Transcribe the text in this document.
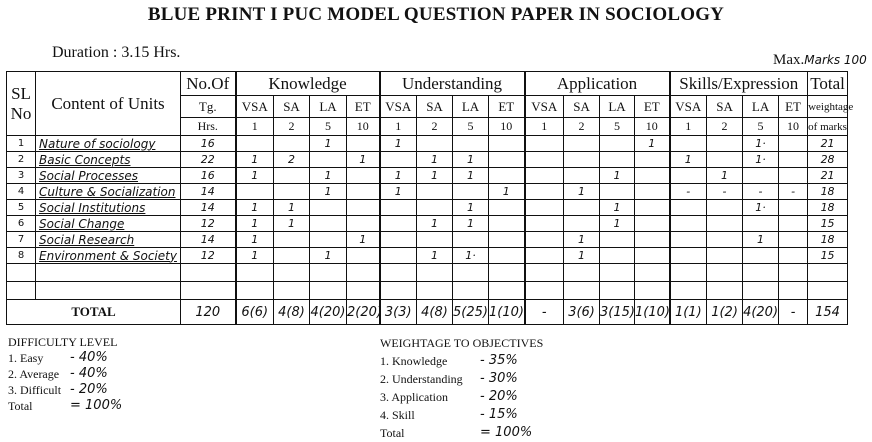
BLUE PRINT I PUC MODEL QUESTION PAPER IN SOCIOLOGY
Duration : 3.15 Hrs.	Max.Marks 100
SL
No	Content of Units	No.Of	Knowledge				Understanding				Application				Skills/Expression				Total
		Tg.	VSA	SA	LA	ET	VSA	SA	LA	ET	VSA	SA	LA	ET	VSA	SA	LA	ET	weightage
		Hrs.	1	2	5	10	1	2	5	10	1	2	5	10	1	2	5	10	of marks
1	Nature of sociology	16			1		1							1			1·		21
2	Basic Concepts	22	1	2		1		1	1						1		1·		28
3	Social Processes	16	1		1		1	1	1				1			1			21
4	Culture & Socialization	14			1		1			1		1			-	-	-	-	18
5	Social Institutions	14	1	1					1				1				1·		18
6	Social Change	12	1	1				1	1				1						15
7	Social Research	14	1			1						1					1		18
8	Environment & Society	12	1		1			1	1·			1							15

TOTAL		120	6(6)	4(8)	4(20)	2(20)	3(3)	4(8)	5(25)	1(10)	-	3(6)	3(15)	1(10)	1(1)	1(2)	4(20)	-	154
DIFFICULTY LEVEL
1. Easy	- 40%
2. Average - 40%
3. Difficult - 20%
Total	= 100%
WEIGHTAGE TO OBJECTIVES
1. Knowledge	- 35%
2. Understanding	- 30%
3. Application	- 20%
4. Skill	- 15%
Total	= 100%
